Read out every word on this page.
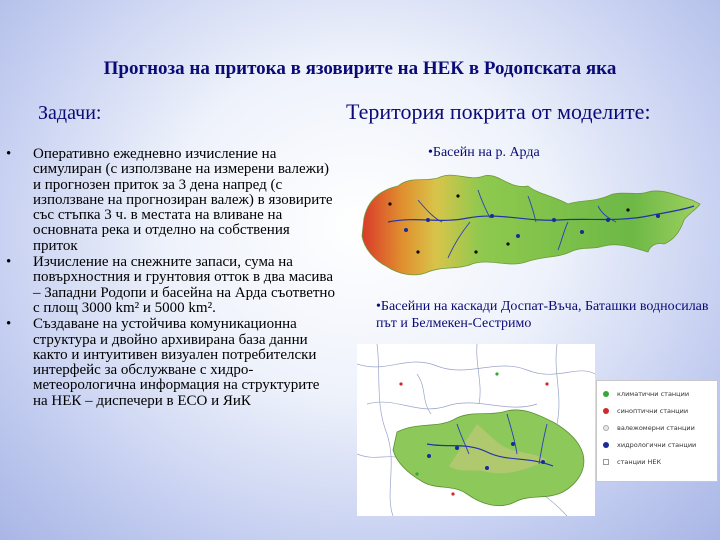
Прогноза на притока в язовирите на НЕК в Родопската яка
Задачи:	Територия покрита от моделите:
• Оперативно ежедневно изчисление на симулиран (с използване на измерени валежи) и прогнозен приток за 3 дена напред (с използване на прогнозиран валеж) в язовирите със стъпка 3 ч. в местата на вливане на основната река и отделно на собствения приток
• Изчисление на снежните запаси, сума на повърхностния и грунтовия отток в два масива – Западни Родопи и басейна на Арда съответно с площ 3000 km² и 5000 km².
• Създаване на устойчива комуникационна структура и двойно архивирана база данни както и интуитивен визуален потребителски интерфейс за обслужване с хидро-метеорологична информация на структурите на НЕК – диспечери в ЕСО и ЯиК
•Басейн на р. Арда
•Басейни на каскади Доспат-Въча, Баташки водносилав път и Белмекен-Сестримо
климатични станции
синоптични станции
валежомерни станции
хидрологични станции
станции НЕК
